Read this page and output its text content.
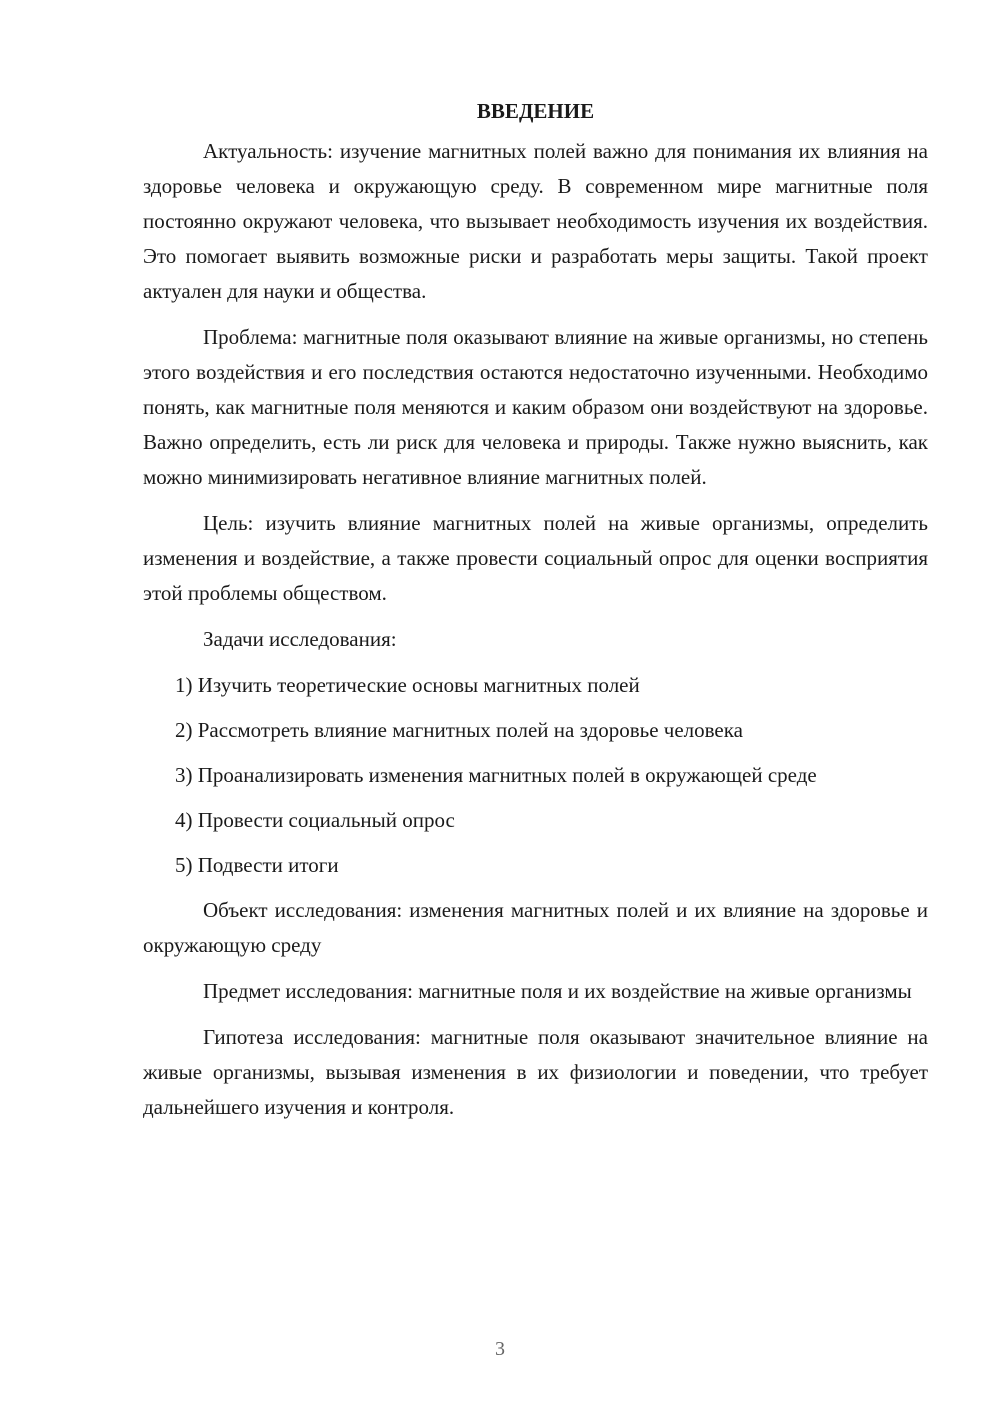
ВВЕДЕНИЕ

Актуальность: изучение магнитных полей важно для понимания их влияния на здоровье человека и окружающую среду. В современном мире магнитные поля постоянно окружают человека, что вызывает необходимость изучения их воздействия. Это помогает выявить возможные риски и разработать меры защиты. Такой проект актуален для науки и общества.

Проблема: магнитные поля оказывают влияние на живые организмы, но степень этого воздействия и его последствия остаются недостаточно изученными. Необходимо понять, как магнитные поля меняются и каким образом они воздействуют на здоровье. Важно определить, есть ли риск для человека и природы. Также нужно выяснить, как можно минимизировать негативное влияние магнитных полей.

Цель: изучить влияние магнитных полей на живые организмы, определить изменения и воздействие, а также провести социальный опрос для оценки восприятия этой проблемы обществом.

Задачи исследования:

1) Изучить теоретические основы магнитных полей

2) Рассмотреть влияние магнитных полей на здоровье человека

3) Проанализировать изменения магнитных полей в окружающей среде

4) Провести социальный опрос

5) Подвести итоги

Объект исследования: изменения магнитных полей и их влияние на здоровье и окружающую среду

Предмет исследования: магнитные поля и их воздействие на живые организмы

Гипотеза исследования: магнитные поля оказывают значительное влияние на живые организмы, вызывая изменения в их физиологии и поведении, что требует дальнейшего изучения и контроля.

3
